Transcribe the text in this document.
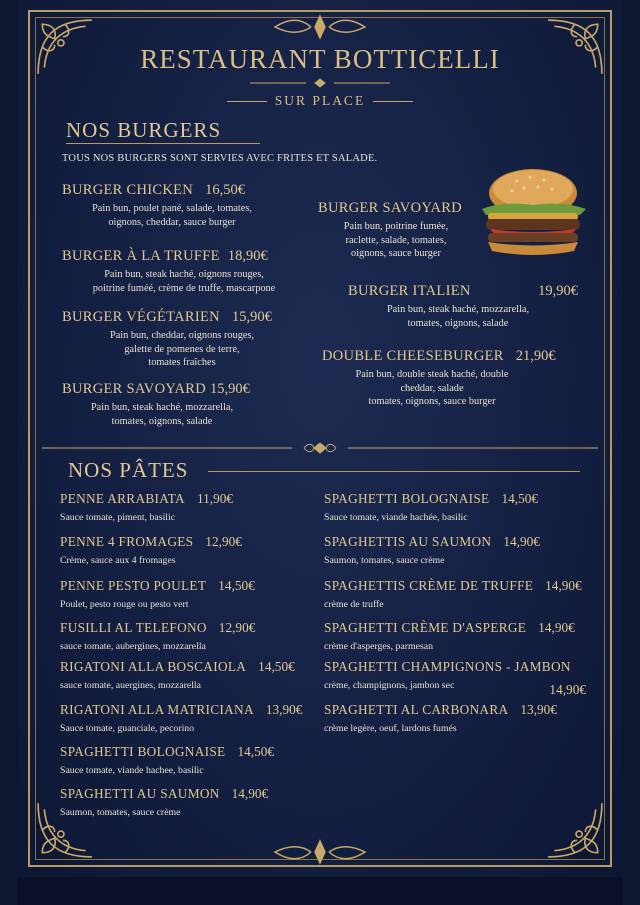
RESTAURANT BOTTICELLI
SUR PLACE
NOS BURGERS
TOUS NOS BURGERS SONT SERVIES AVEC FRITES ET SALADE.
BURGER CHICKEN 16,50€
Pain bun, poulet pané, salade, tomates,
oignons, cheddar, sauce burger
BURGER À LA TRUFFE 18,90€
Pain bun, steak haché, oignons rouges,
poitrine fuméé, crème de truffe, mascarpone
BURGER VÉGÉTARIEN 15,90€
Pain bun, cheddar, oignons rouges,
galette de pomenes de terre,
tomates fraîches
BURGER SAVOYARD 15,90€
Pain bun, steak haché, mozzarella,
tomates, oignons, salade
BURGER SAVOYARD
Pain bun, poitrine fumée,
raclette, salade, tomates,
oignons, sauce burger
BURGER ITALIEN	19,90€
Pain bun, steak haché, mozzarella,
tomates, oignons, salade
DOUBLE CHEESEBURGER 21,90€
Pain bun, double steak haché, double
cheddar, salade
tomates, oignons, sauce burger
NOS PÂTES
PENNE ARRABIATA 11,90€
Sauce tomate, piment, basilic
PENNE 4 FROMAGES 12,90€
Crème, sauce aux 4 fromages
PENNE PESTO POULET 14,50€
Poulet, pesto rouge ou pesto vert
FUSILLI AL TELEFONO 12,90€
sauce tomate, aubergines, mozzarella
RIGATONI ALLA BOSCAIOLA 14,50€
sauce tomate, auergines, mozzarella
RIGATONI ALLA MATRICIANA 13,90€
Sauce tomate, guanciale, pecorino
SPAGHETTI BOLOGNAISE 14,50€
Sauce tomate, viande hachee, basilic
SPAGHETTI AU SAUMON 14,90€
Saumon, tomates, sauce crème
SPAGHETTI BOLOGNAISE 14,50€
Sauce tomate, viande hachée, basilic
SPAGHETTIS AU SAUMON 14,90€
Saumon, tomates, sauce crème
SPAGHETTIS CRÈME DE TRUFFE 14,90€
crème de truffe
SPAGHETTI CRÈME D'ASPERGE 14,90€
crème d'asperges, parmesan
SPAGHETTI CHAMPIGNONS - JAMBON
crème, champignons, jambon sec	14,90€
SPAGHETTI AL CARBONARA 13,90€
crème legère, oeuf, lardons fumés
